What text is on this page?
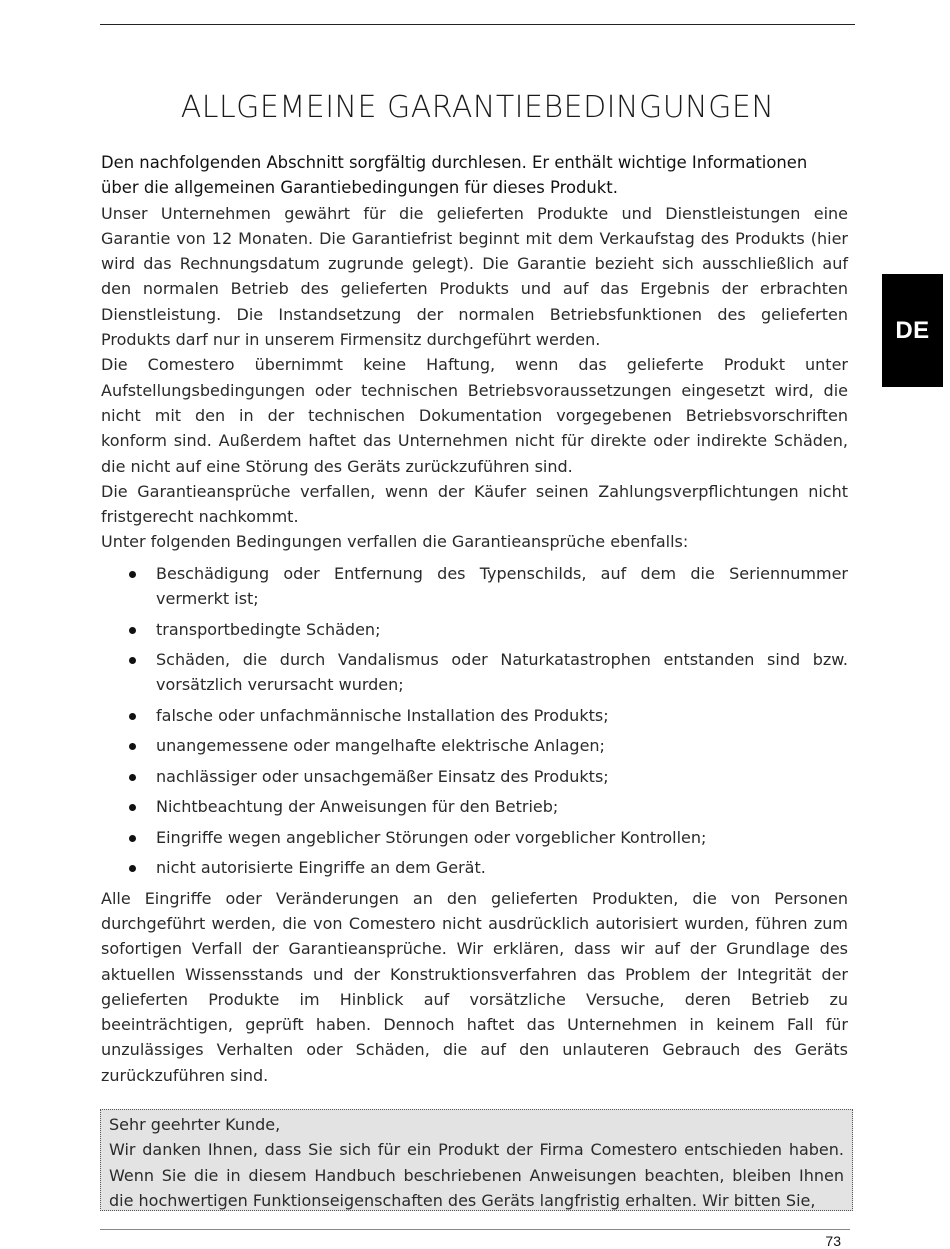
ALLGEMEINE GARANTIEBEDINGUNGEN
DE

Den nachfolgenden Abschnitt sorgfältig durchlesen. Er enthält wichtige Informationen über die allgemeinen Garantiebedingungen für dieses Produkt.

Unser Unternehmen gewährt für die gelieferten Produkte und Dienstleistungen eine Garantie von 12 Monaten. Die Garantiefrist beginnt mit dem Verkaufstag des Produkts (hier wird das Rechnungsdatum zugrunde gelegt). Die Garantie bezieht sich ausschließlich auf den normalen Betrieb des gelieferten Produkts und auf das Ergebnis der erbrachten Dienstleistung. Die Instandsetzung der normalen Betriebsfunktionen des gelieferten Produkts darf nur in unserem Firmensitz durchgeführt werden.

Die Comestero übernimmt keine Haftung, wenn das gelieferte Produkt unter Aufstellungsbedingungen oder technischen Betriebsvoraussetzungen eingesetzt wird, die nicht mit den in der technischen Dokumentation vorgegebenen Betriebsvorschriften konform sind. Außerdem haftet das Unternehmen nicht für direkte oder indirekte Schäden, die nicht auf eine Störung des Geräts zurückzuführen sind.

Die Garantieansprüche verfallen, wenn der Käufer seinen Zahlungsverpflichtungen nicht fristgerecht nachkommt.

Unter folgenden Bedingungen verfallen die Garantieansprüche ebenfalls:

Beschädigung oder Entfernung des Typenschilds, auf dem die Seriennummer vermerkt ist;
transportbedingte Schäden;
Schäden, die durch Vandalismus oder Naturkatastrophen entstanden sind bzw. vorsätzlich verursacht wurden;
falsche oder unfachmännische Installation des Produkts;
unangemessene oder mangelhafte elektrische Anlagen;
nachlässiger oder unsachgemäßer Einsatz des Produkts;
Nichtbeachtung der Anweisungen für den Betrieb;
Eingriffe wegen angeblicher Störungen oder vorgeblicher Kontrollen;
nicht autorisierte Eingriffe an dem Gerät.

Alle Eingriffe oder Veränderungen an den gelieferten Produkten, die von Personen durchgeführt werden, die von Comestero nicht ausdrücklich autorisiert wurden, führen zum sofortigen Verfall der Garantieansprüche. Wir erklären, dass wir auf der Grundlage des aktuellen Wissensstands und der Konstruktionsverfahren das Problem der Integrität der gelieferten Produkte im Hinblick auf vorsätzliche Versuche, deren Betrieb zu beeinträchtigen, geprüft haben. Dennoch haftet das Unternehmen in keinem Fall für unzulässiges Verhalten oder Schäden, die auf den unlauteren Gebrauch des Geräts zurückzuführen sind.

Sehr geehrter Kunde,

Wir danken Ihnen, dass Sie sich für ein Produkt der Firma Comestero entschieden haben. Wenn Sie die in diesem Handbuch beschriebenen Anweisungen beachten, bleiben Ihnen die hochwertigen Funktionseigenschaften des Geräts langfristig erhalten. Wir bitten Sie,

73
